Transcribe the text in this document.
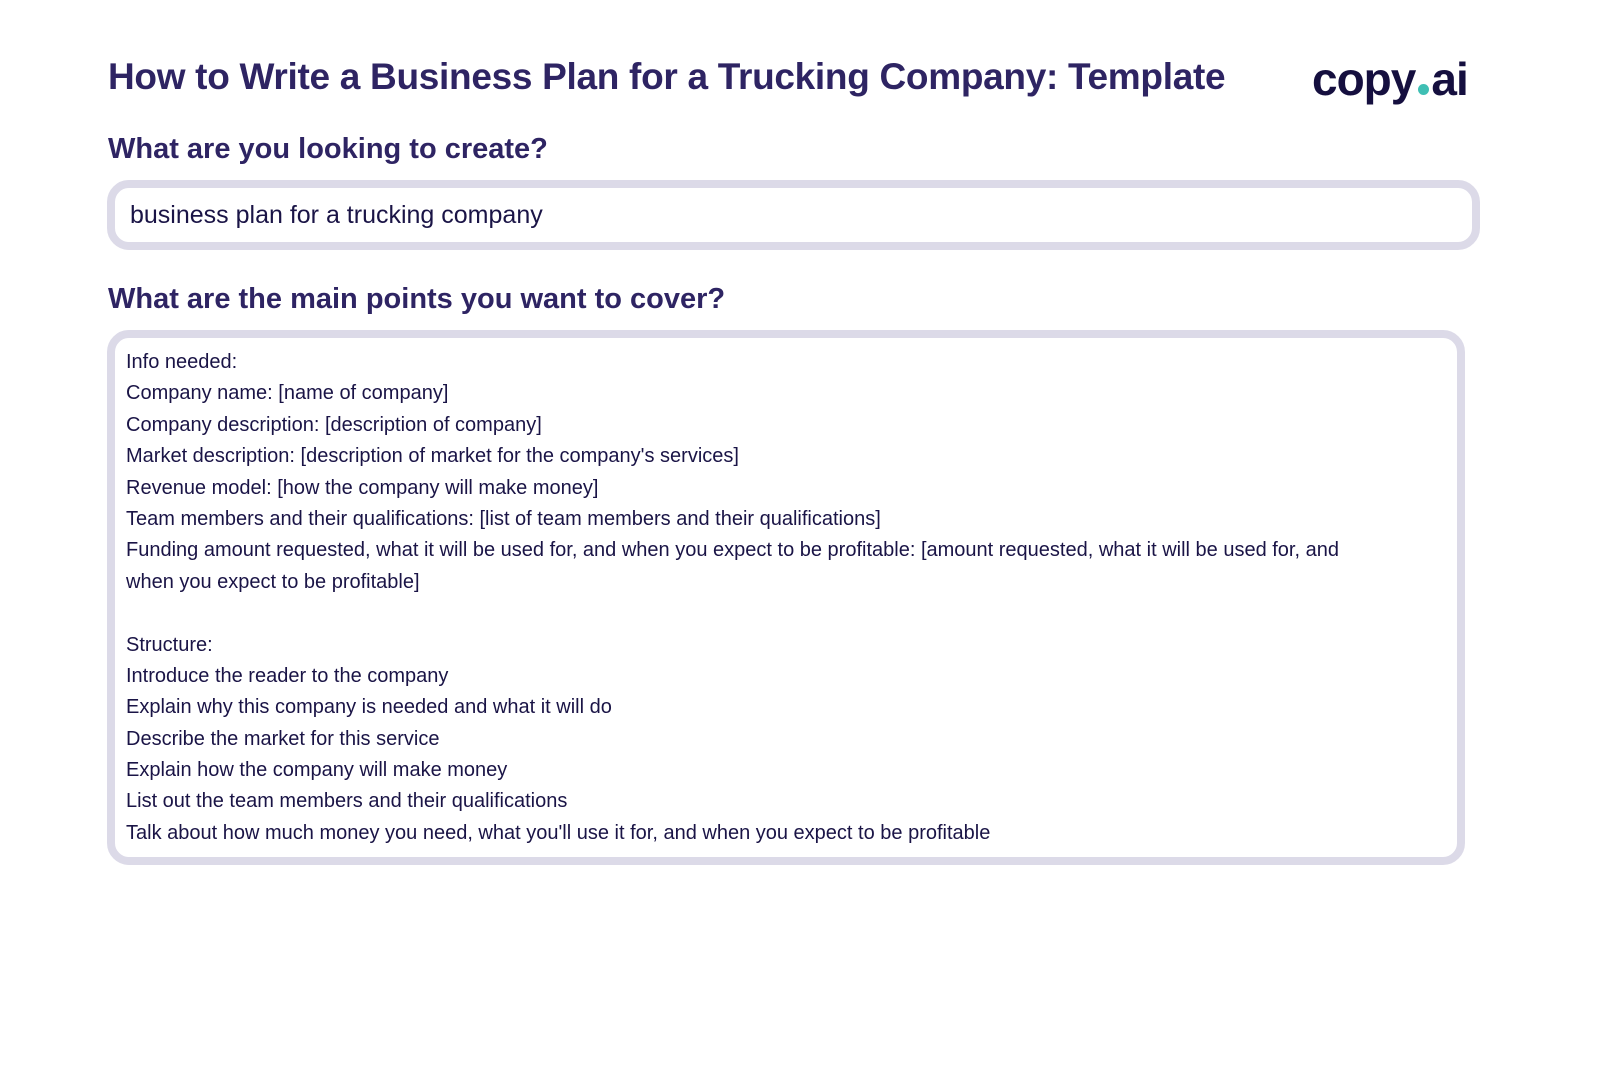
How to Write a Business Plan for a Trucking Company: Template copy ai
What are you looking to create?
business plan for a trucking company
What are the main points you want to cover?
Info needed:
Company name: [name of company]
Company description: [description of company]
Market description: [description of market for the company's services]
Revenue model: [how the company will make money]
Team members and their qualifications: [list of team members and their qualifications]
Funding amount requested, what it will be used for, and when you expect to be profitable: [amount requested, what it will be used for, and
when you expect to be profitable]
Structure:
Introduce the reader to the company
Explain why this company is needed and what it will do
Describe the market for this service
Explain how the company will make money
List out the team members and their qualifications
Talk about how much money you need, what you'll use it for, and when you expect to be profitable
